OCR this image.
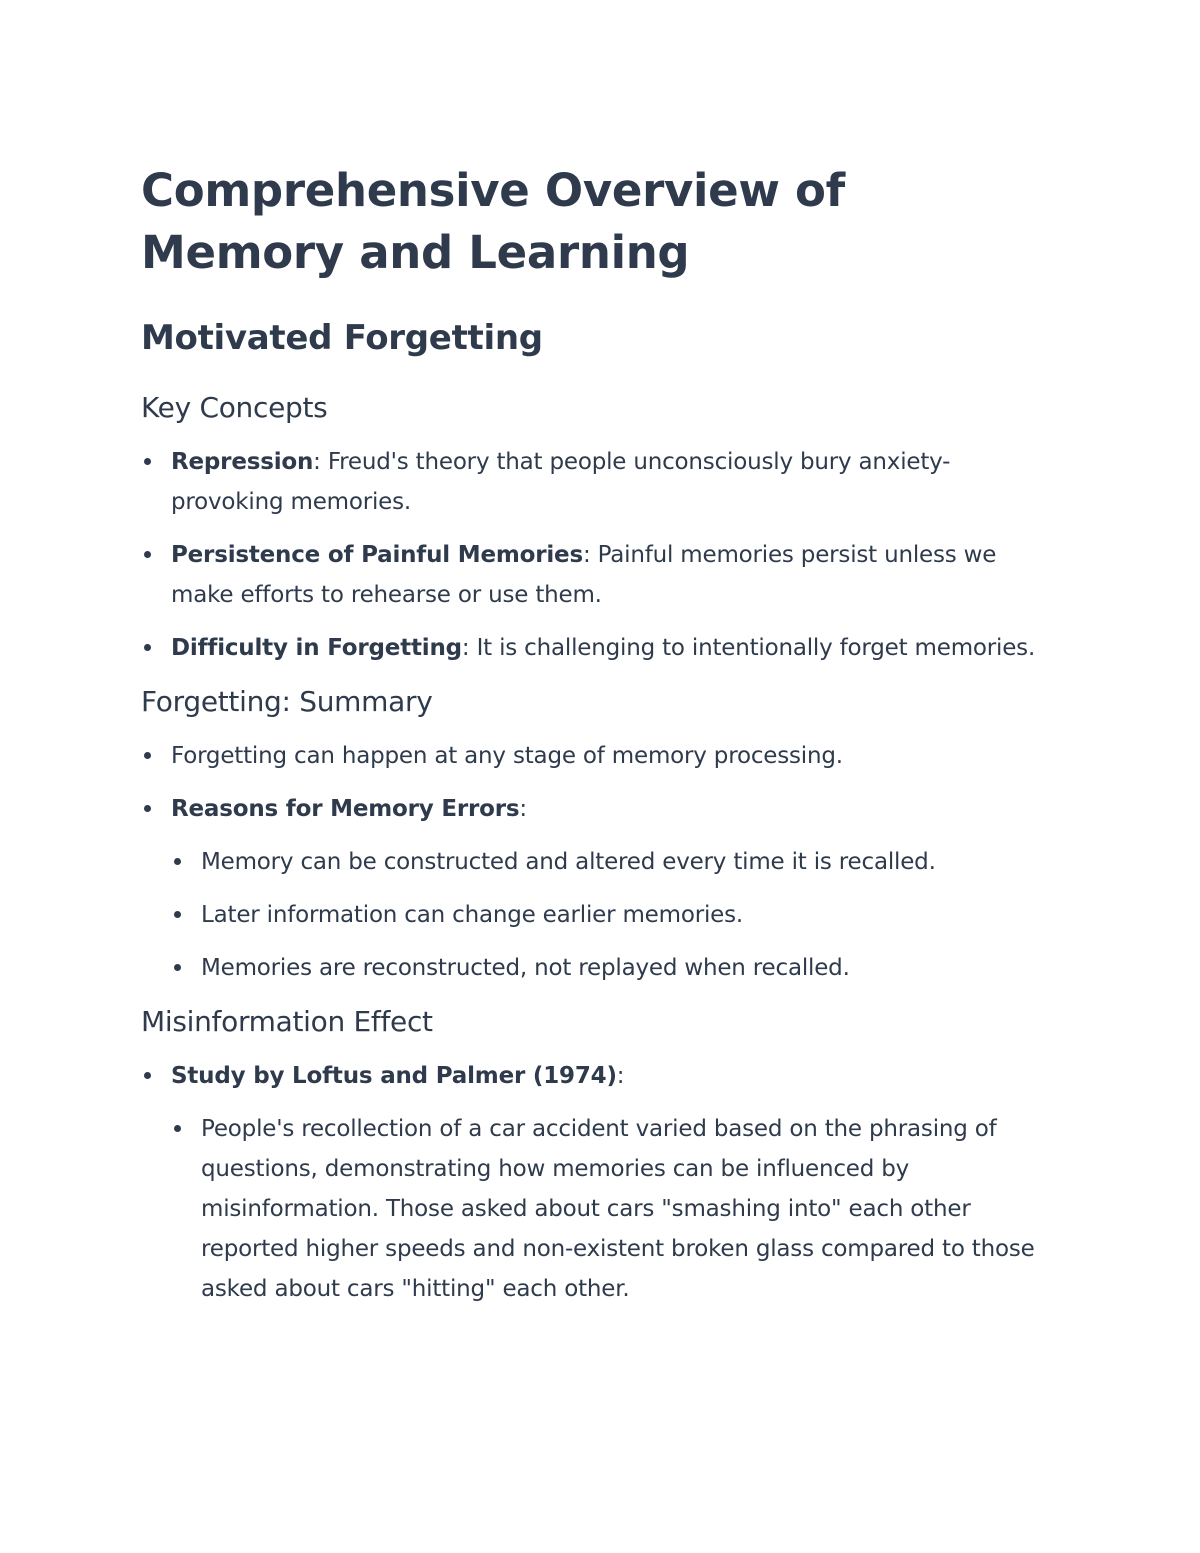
Comprehensive Overview of Memory and Learning
Motivated Forgetting
Key Concepts
Repression: Freud's theory that people unconsciously bury anxiety-provoking memories.
Persistence of Painful Memories: Painful memories persist unless we make efforts to rehearse or use them.
Difficulty in Forgetting: It is challenging to intentionally forget memories.
Forgetting: Summary
Forgetting can happen at any stage of memory processing.
Reasons for Memory Errors:
Memory can be constructed and altered every time it is recalled.
Later information can change earlier memories.
Memories are reconstructed, not replayed when recalled.
Misinformation Effect
Study by Loftus and Palmer (1974):
People's recollection of a car accident varied based on the phrasing of questions, demonstrating how memories can be influenced by misinformation. Those asked about cars "smashing into" each other reported higher speeds and non-existent broken glass compared to those asked about cars "hitting" each other.
